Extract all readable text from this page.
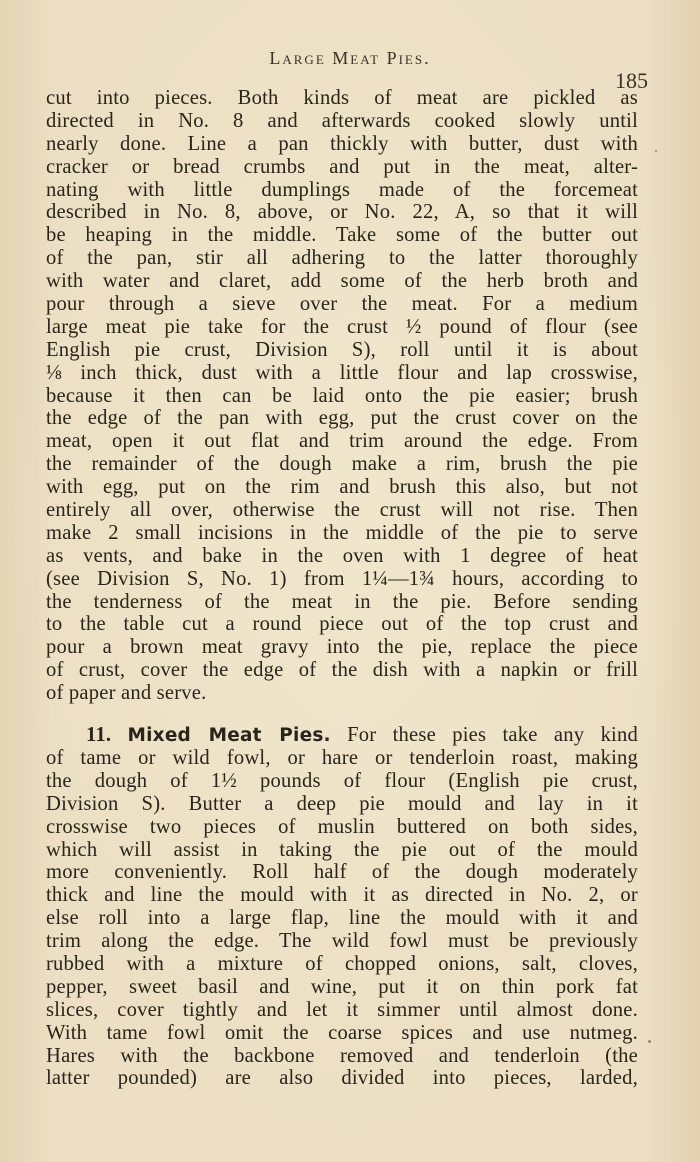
Large Meat Pies.
185
cut into pieces. Both kinds of meat are pickled as
directed in No. 8 and afterwards cooked slowly until
nearly done. Line a pan thickly with butter, dust with
cracker or bread crumbs and put in the meat, alter-
nating with little dumplings made of the forcemeat
described in No. 8, above, or No. 22, A, so that it will
be heaping in the middle. Take some of the butter out
of the pan, stir all adhering to the latter thoroughly
with water and claret, add some of the herb broth and
pour through a sieve over the meat. For a medium
large meat pie take for the crust ½ pound of flour (see
English pie crust, Division S), roll until it is about
⅛ inch thick, dust with a little flour and lap crosswise,
because it then can be laid onto the pie easier; brush
the edge of the pan with egg, put the crust cover on the
meat, open it out flat and trim around the edge. From
the remainder of the dough make a rim, brush the pie
with egg, put on the rim and brush this also, but not
entirely all over, otherwise the crust will not rise. Then
make 2 small incisions in the middle of the pie to serve
as vents, and bake in the oven with 1 degree of heat
(see Division S, No. 1) from 1¼—1¾ hours, according to
the tenderness of the meat in the pie. Before sending
to the table cut a round piece out of the top crust and
pour a brown meat gravy into the pie, replace the piece
of crust, cover the edge of the dish with a napkin or frill
of paper and serve.
11. Mixed Meat Pies. For these pies take any kind
of tame or wild fowl, or hare or tenderloin roast, making
the dough of 1½ pounds of flour (English pie crust,
Division S). Butter a deep pie mould and lay in it
crosswise two pieces of muslin buttered on both sides,
which will assist in taking the pie out of the mould
more conveniently. Roll half of the dough moderately
thick and line the mould with it as directed in No. 2, or
else roll into a large flap, line the mould with it and
trim along the edge. The wild fowl must be previously
rubbed with a mixture of chopped onions, salt, cloves,
pepper, sweet basil and wine, put it on thin pork fat
slices, cover tightly and let it simmer until almost done.
With tame fowl omit the coarse spices and use nutmeg.
Hares with the backbone removed and tenderloin (the
latter pounded) are also divided into pieces, larded,
